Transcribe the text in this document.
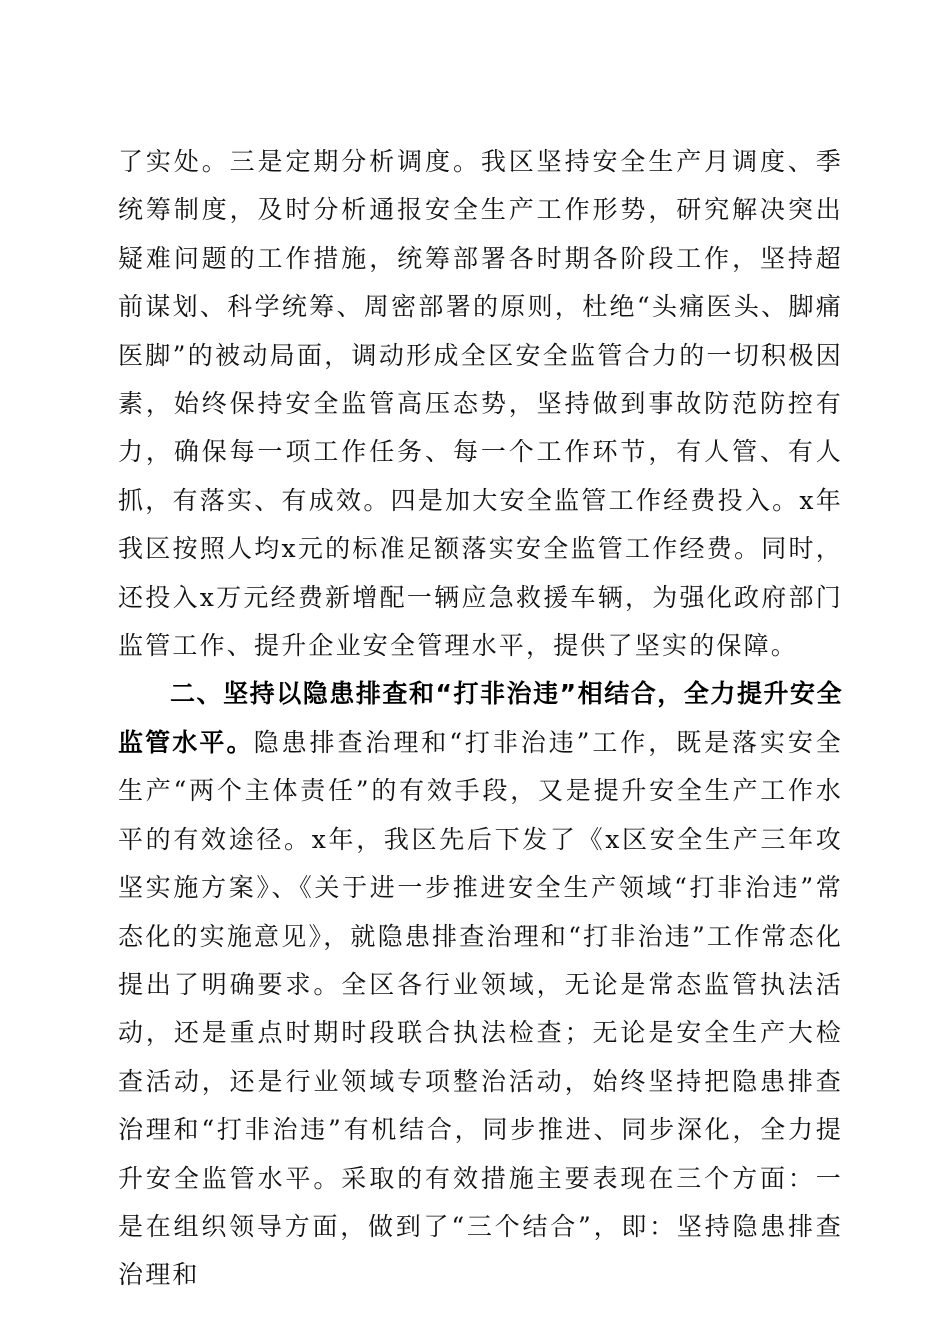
了实处。三是定期分析调度。我区坚持安全生产月调度、季统筹制度，及时分析通报安全生产工作形势，研究解决突出疑难问题的工作措施，统筹部署各时期各阶段工作，坚持超前谋划、科学统筹、周密部署的原则，杜绝“头痛医头、脚痛医脚”的被动局面，调动形成全区安全监管合力的一切积极因素，始终保持安全监管高压态势，坚持做到事故防范防控有力，确保每一项工作任务、每一个工作环节，有人管、有人抓，有落实、有成效。四是加大安全监管工作经费投入。x年我区按照人均x元的标准足额落实安全监管工作经费。同时，还投入x万元经费新增配一辆应急救援车辆，为强化政府部门监管工作、提升企业安全管理水平，提供了坚实的保障。

二、坚持以隐患排查和“打非治违”相结合，全力提升安全监管水平。隐患排查治理和“打非治违”工作，既是落实安全生产“两个主体责任”的有效手段，又是提升安全生产工作水平的有效途径。x年，我区先后下发了《x区安全生产三年攻坚实施方案》、《关于进一步推进安全生产领域“打非治违”常态化的实施意见》，就隐患排查治理和“打非治违”工作常态化提出了明确要求。全区各行业领域，无论是常态监管执法活动，还是重点时期时段联合执法检查；无论是安全生产大检查活动，还是行业领域专项整治活动，始终坚持把隐患排查治理和“打非治违”有机结合，同步推进、同步深化，全力提升安全监管水平。采取的有效措施主要表现在三个方面：一是在组织领导方面，做到了“三个结合”，即：坚持隐患排查治理和
